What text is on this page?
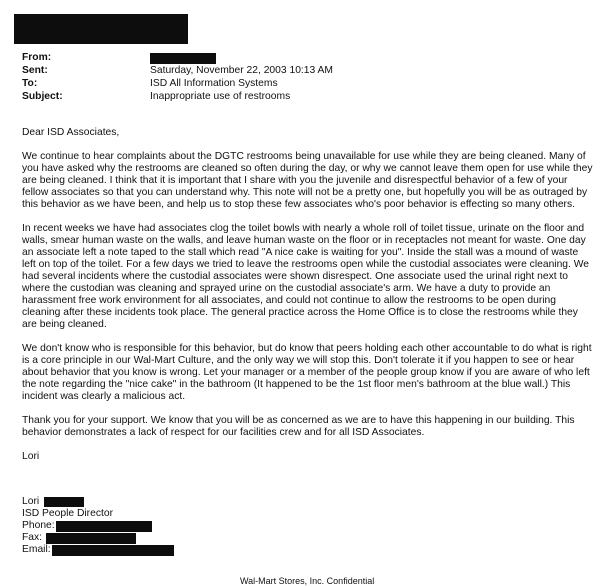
From:
Sent:	Saturday, November 22, 2003 10:13 AM
To:	ISD All Information Systems
Subject:	Inappropriate use of restrooms

Dear ISD Associates,

We continue to hear complaints about the DGTC restrooms being unavailable for use while they are being cleaned. Many of you have asked why the restrooms are cleaned so often during the day, or why we cannot leave them open for use while they are being cleaned. I think that it is important that I share with you the juvenile and disrespectful behavior of a few of your fellow associates so that you can understand why. This note will not be a pretty one, but hopefully you will be as outraged by this behavior as we have been, and help us to stop these few associates who's poor behavior is effecting so many others.

In recent weeks we have had associates clog the toilet bowls with nearly a whole roll of toilet tissue, urinate on the floor and walls, smear human waste on the walls, and leave human waste on the floor or in receptacles not meant for waste. One day an associate left a note taped to the stall which read "A nice cake is waiting for you". Inside the stall was a mound of waste left on top of the toilet. For a few days we tried to leave the restrooms open while the custodial associates were cleaning. We had several incidents where the custodial associates were shown disrespect. One associate used the urinal right next to where the custodian was cleaning and sprayed urine on the custodial associate's arm. We have a duty to provide an harassment free work environment for all associates, and could not continue to allow the restrooms to be open during cleaning after these incidents took place. The general practice across the Home Office is to close the restrooms while they are being cleaned.

We don't know who is responsible for this behavior, but do know that peers holding each other accountable to do what is right is a core principle in our Wal-Mart Culture, and the only way we will stop this. Don't tolerate it if you happen to see or hear about behavior that you know is wrong. Let your manager or a member of the people group know if you are aware of who left the note regarding the "nice cake" in the bathroom (It happened to be the 1st floor men's bathroom at the blue wall.) This incident was clearly a malicious act.

Thank you for your support. We know that you will be as concerned as we are to have this happening in our building. This behavior demonstrates a lack of respect for our facilities crew and for all ISD Associates.

Lori

Lori
ISD People Director
Phone:
Fax:
Email:
Wal-Mart Stores, Inc. Confidential
